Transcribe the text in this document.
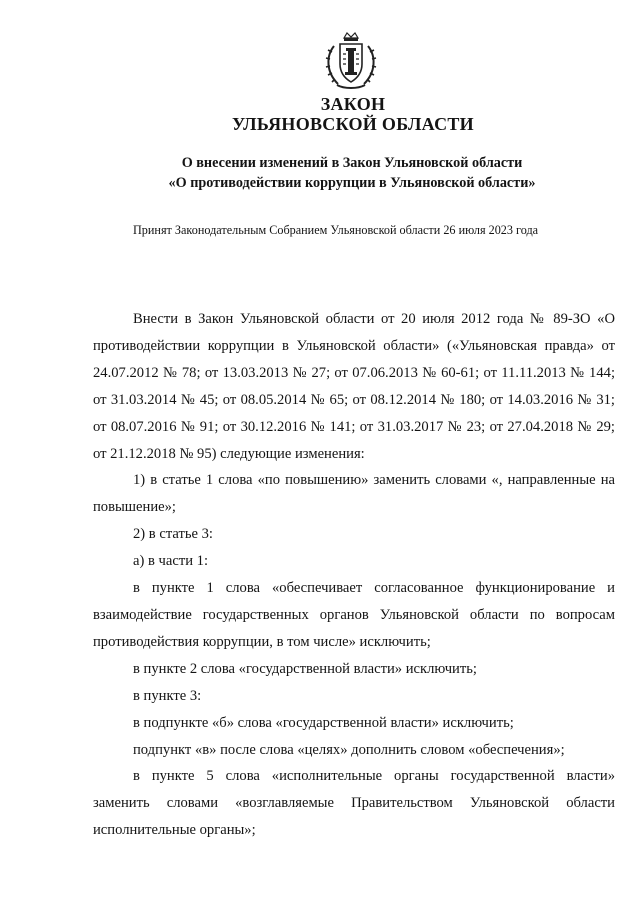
ЗАКОН
УЛЬЯНОВСКОЙ ОБЛАСТИ
О внесении изменений в Закон Ульяновской области
«О противодействии коррупции в Ульяновской области»
Принят Законодательным Собранием Ульяновской области 26 июля 2023 года

Внести в Закон Ульяновской области от 20 июля 2012 года № 89-ЗО «О противодействии коррупции в Ульяновской области» («Ульяновская правда» от 24.07.2012 № 78; от 13.03.2013 № 27; от 07.06.2013 № 60-61; от 11.11.2013 № 144; от 31.03.2014 № 45; от 08.05.2014 № 65; от 08.12.2014 № 180; от 14.03.2016 № 31; от 08.07.2016 № 91; от 30.12.2016 № 141; от 31.03.2017 № 23; от 27.04.2018 № 29; от 21.12.2018 № 95) следующие изменения:

1) в статье 1 слова «по повышению» заменить словами «, направленные на повышение»;

2) в статье 3:

а) в части 1:

в пункте 1 слова «обеспечивает согласованное функционирование и взаимодействие государственных органов Ульяновской области по вопросам противодействия коррупции, в том числе» исключить;

в пункте 2 слова «государственной власти» исключить;

в пункте 3:

в подпункте «б» слова «государственной власти» исключить;

подпункт «в» после слова «целях» дополнить словом «обеспечения»;

в пункте 5 слова «исполнительные органы государственной власти» заменить словами «возглавляемые Правительством Ульяновской области исполнительные органы»;
